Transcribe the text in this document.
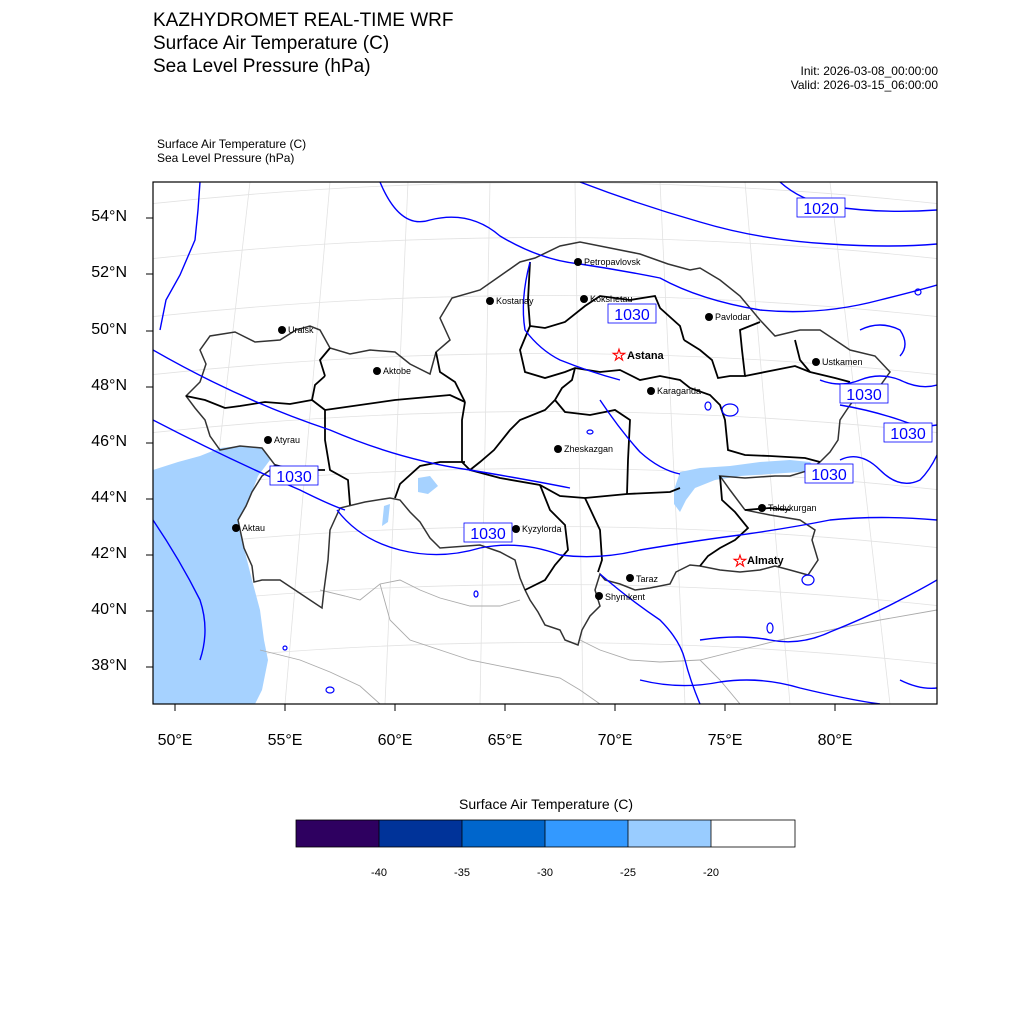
KAZHYDROMET REAL-TIME WRF
Surface Air Temperature (C)
Sea Level Pressure (hPa)	Init: 2026-03-08_00:00:00
Valid: 2026-03-15_06:00:00
Surface Air Temperature (C)
Sea Level Pressure (hPa)
1020
1030
1030
1030
1030	1030
1030
Petropavlovsk
Kostanay	Kokshetau
Uralsk
Pavlodar
★ Astana
Aktobe
Ustkamen
Karaganda
Atyrau
Zheskazgan
Aktau	Kyzylorda
Taldykurgan
★ Almaty
Taraz
Shymkent
54°N
52°N
50°N
48°N
46°N
44°N
42°N
40°N
38°N
50°E	55°E	60°E	65°E	70°E	75°E	80°E
Surface Air Temperature (C)
-40	-35	-30	-25	-20
